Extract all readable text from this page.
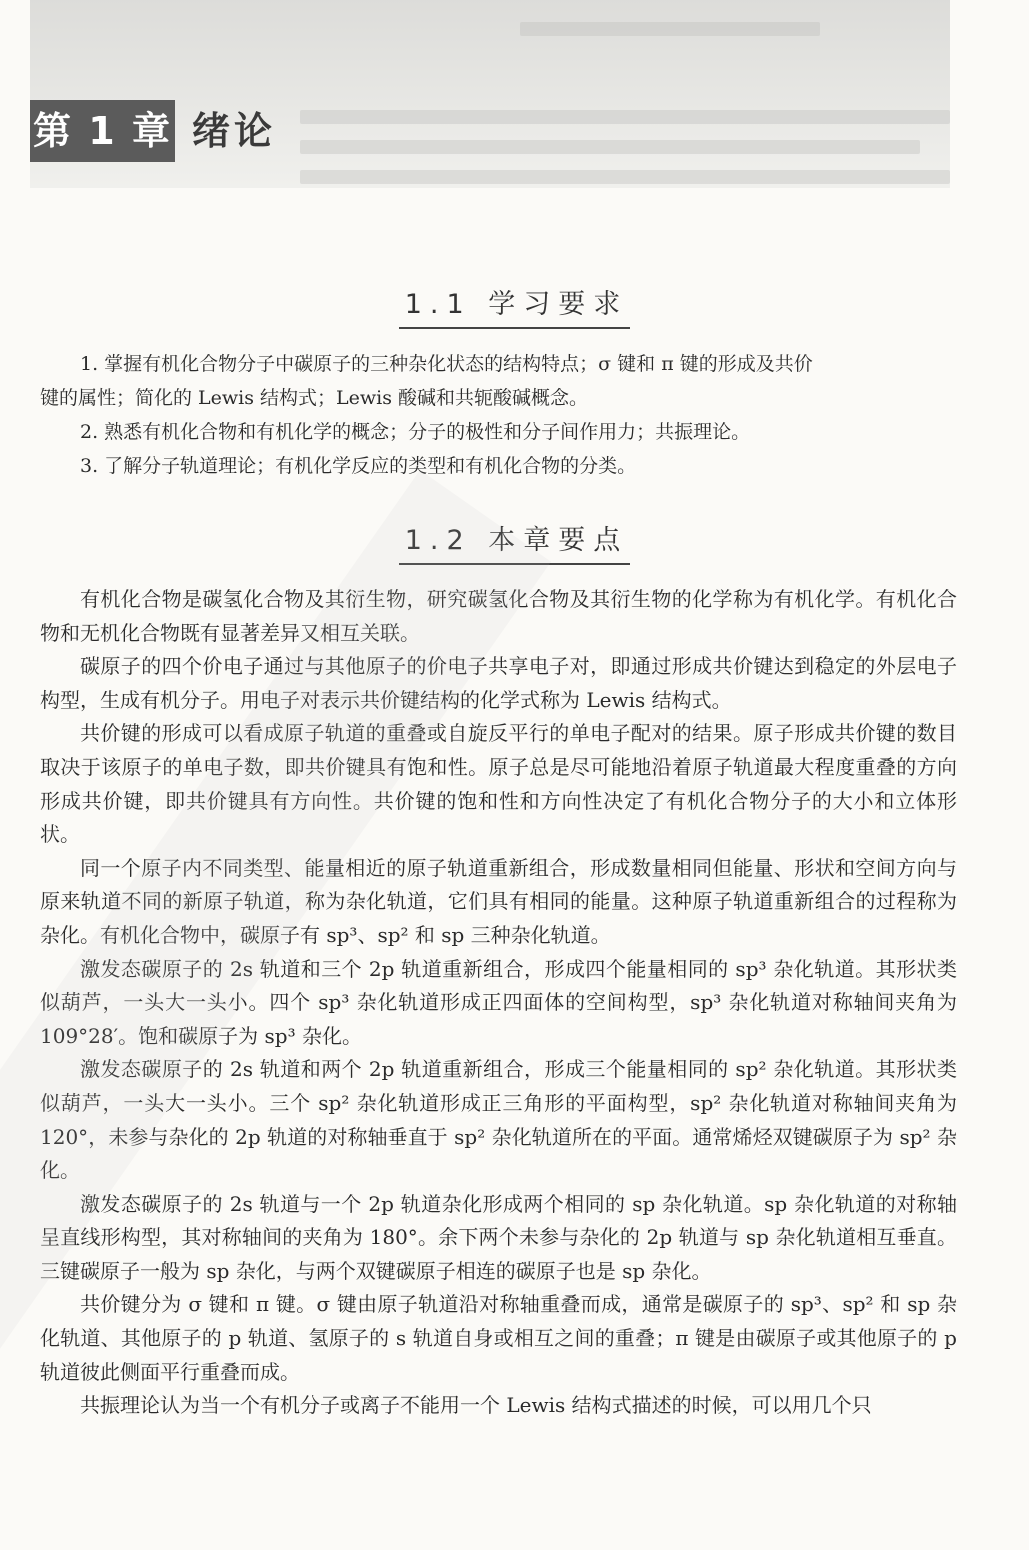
第 1 章 绪论
1.1 学习要求

1. 掌握有机化合物分子中碳原子的三种杂化状态的结构特点；σ 键和 π 键的形成及共价

键的属性；简化的 Lewis 结构式；Lewis 酸碱和共轭酸碱概念。

2. 熟悉有机化合物和有机化学的概念；分子的极性和分子间作用力；共振理论。

3. 了解分子轨道理论；有机化学反应的类型和有机化合物的分类。

1.2 本章要点

有机化合物是碳氢化合物及其衍生物，研究碳氢化合物及其衍生物的化学称为有机化学。有机化合物和无机化合物既有显著差异又相互关联。

碳原子的四个价电子通过与其他原子的价电子共享电子对，即通过形成共价键达到稳定的外层电子构型，生成有机分子。用电子对表示共价键结构的化学式称为 Lewis 结构式。

共价键的形成可以看成原子轨道的重叠或自旋反平行的单电子配对的结果。原子形成共价键的数目取决于该原子的单电子数，即共价键具有饱和性。原子总是尽可能地沿着原子轨道最大程度重叠的方向形成共价键，即共价键具有方向性。共价键的饱和性和方向性决定了有机化合物分子的大小和立体形状。

同一个原子内不同类型、能量相近的原子轨道重新组合，形成数量相同但能量、形状和空间方向与原来轨道不同的新原子轨道，称为杂化轨道，它们具有相同的能量。这种原子轨道重新组合的过程称为杂化。有机化合物中，碳原子有 sp³、sp² 和 sp 三种杂化轨道。

激发态碳原子的 2s 轨道和三个 2p 轨道重新组合，形成四个能量相同的 sp³ 杂化轨道。其形状类似葫芦，一头大一头小。四个 sp³ 杂化轨道形成正四面体的空间构型，sp³ 杂化轨道对称轴间夹角为 109°28′。饱和碳原子为 sp³ 杂化。

激发态碳原子的 2s 轨道和两个 2p 轨道重新组合，形成三个能量相同的 sp² 杂化轨道。其形状类似葫芦，一头大一头小。三个 sp² 杂化轨道形成正三角形的平面构型，sp² 杂化轨道对称轴间夹角为 120°，未参与杂化的 2p 轨道的对称轴垂直于 sp² 杂化轨道所在的平面。通常烯烃双键碳原子为 sp² 杂化。

激发态碳原子的 2s 轨道与一个 2p 轨道杂化形成两个相同的 sp 杂化轨道。sp 杂化轨道的对称轴呈直线形构型，其对称轴间的夹角为 180°。余下两个未参与杂化的 2p 轨道与 sp 杂化轨道相互垂直。三键碳原子一般为 sp 杂化，与两个双键碳原子相连的碳原子也是 sp 杂化。

共价键分为 σ 键和 π 键。σ 键由原子轨道沿对称轴重叠而成，通常是碳原子的 sp³、sp² 和 sp 杂化轨道、其他原子的 p 轨道、氢原子的 s 轨道自身或相互之间的重叠；π 键是由碳原子或其他原子的 p 轨道彼此侧面平行重叠而成。

共振理论认为当一个有机分子或离子不能用一个 Lewis 结构式描述的时候，可以用几个只
